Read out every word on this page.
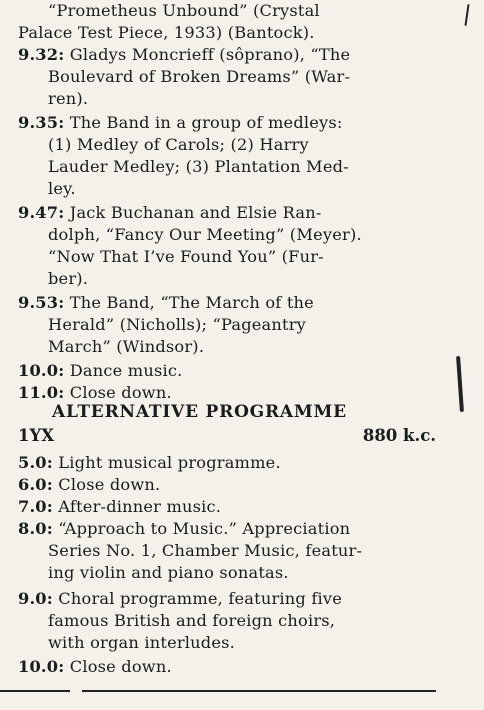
“Prometheus Unbound” (Crystal
Palace Test Piece, 1933) (Bantock).
9.32: Gladys Moncrieff (sôprano), “The
Boulevard of Broken Dreams” (War-
ren).
9.35: The Band in a group of medleys:
(1) Medley of Carols; (2) Harry
Lauder Medley; (3) Plantation Med-
ley.
9.47: Jack Buchanan and Elsie Ran-
dolph, “Fancy Our Meeting” (Meyer).
“Now That I’ve Found You” (Fur-
ber).
9.53: The Band, “The March of the
Herald” (Nicholls); “Pageantry
March” (Windsor).
10.0: Dance music.
11.0: Close down.
ALTERNATIVE PROGRAMME
1YX	880 k.c.
5.0: Light musical programme.
6.0: Close down.
7.0: After-dinner music.
8.0: “Approach to Music.” Appreciation
Series No. 1, Chamber Music, featur-
ing violin and piano sonatas.
9.0: Choral programme, featuring five
famous British and foreign choirs,
with organ interludes.
10.0: Close down.
